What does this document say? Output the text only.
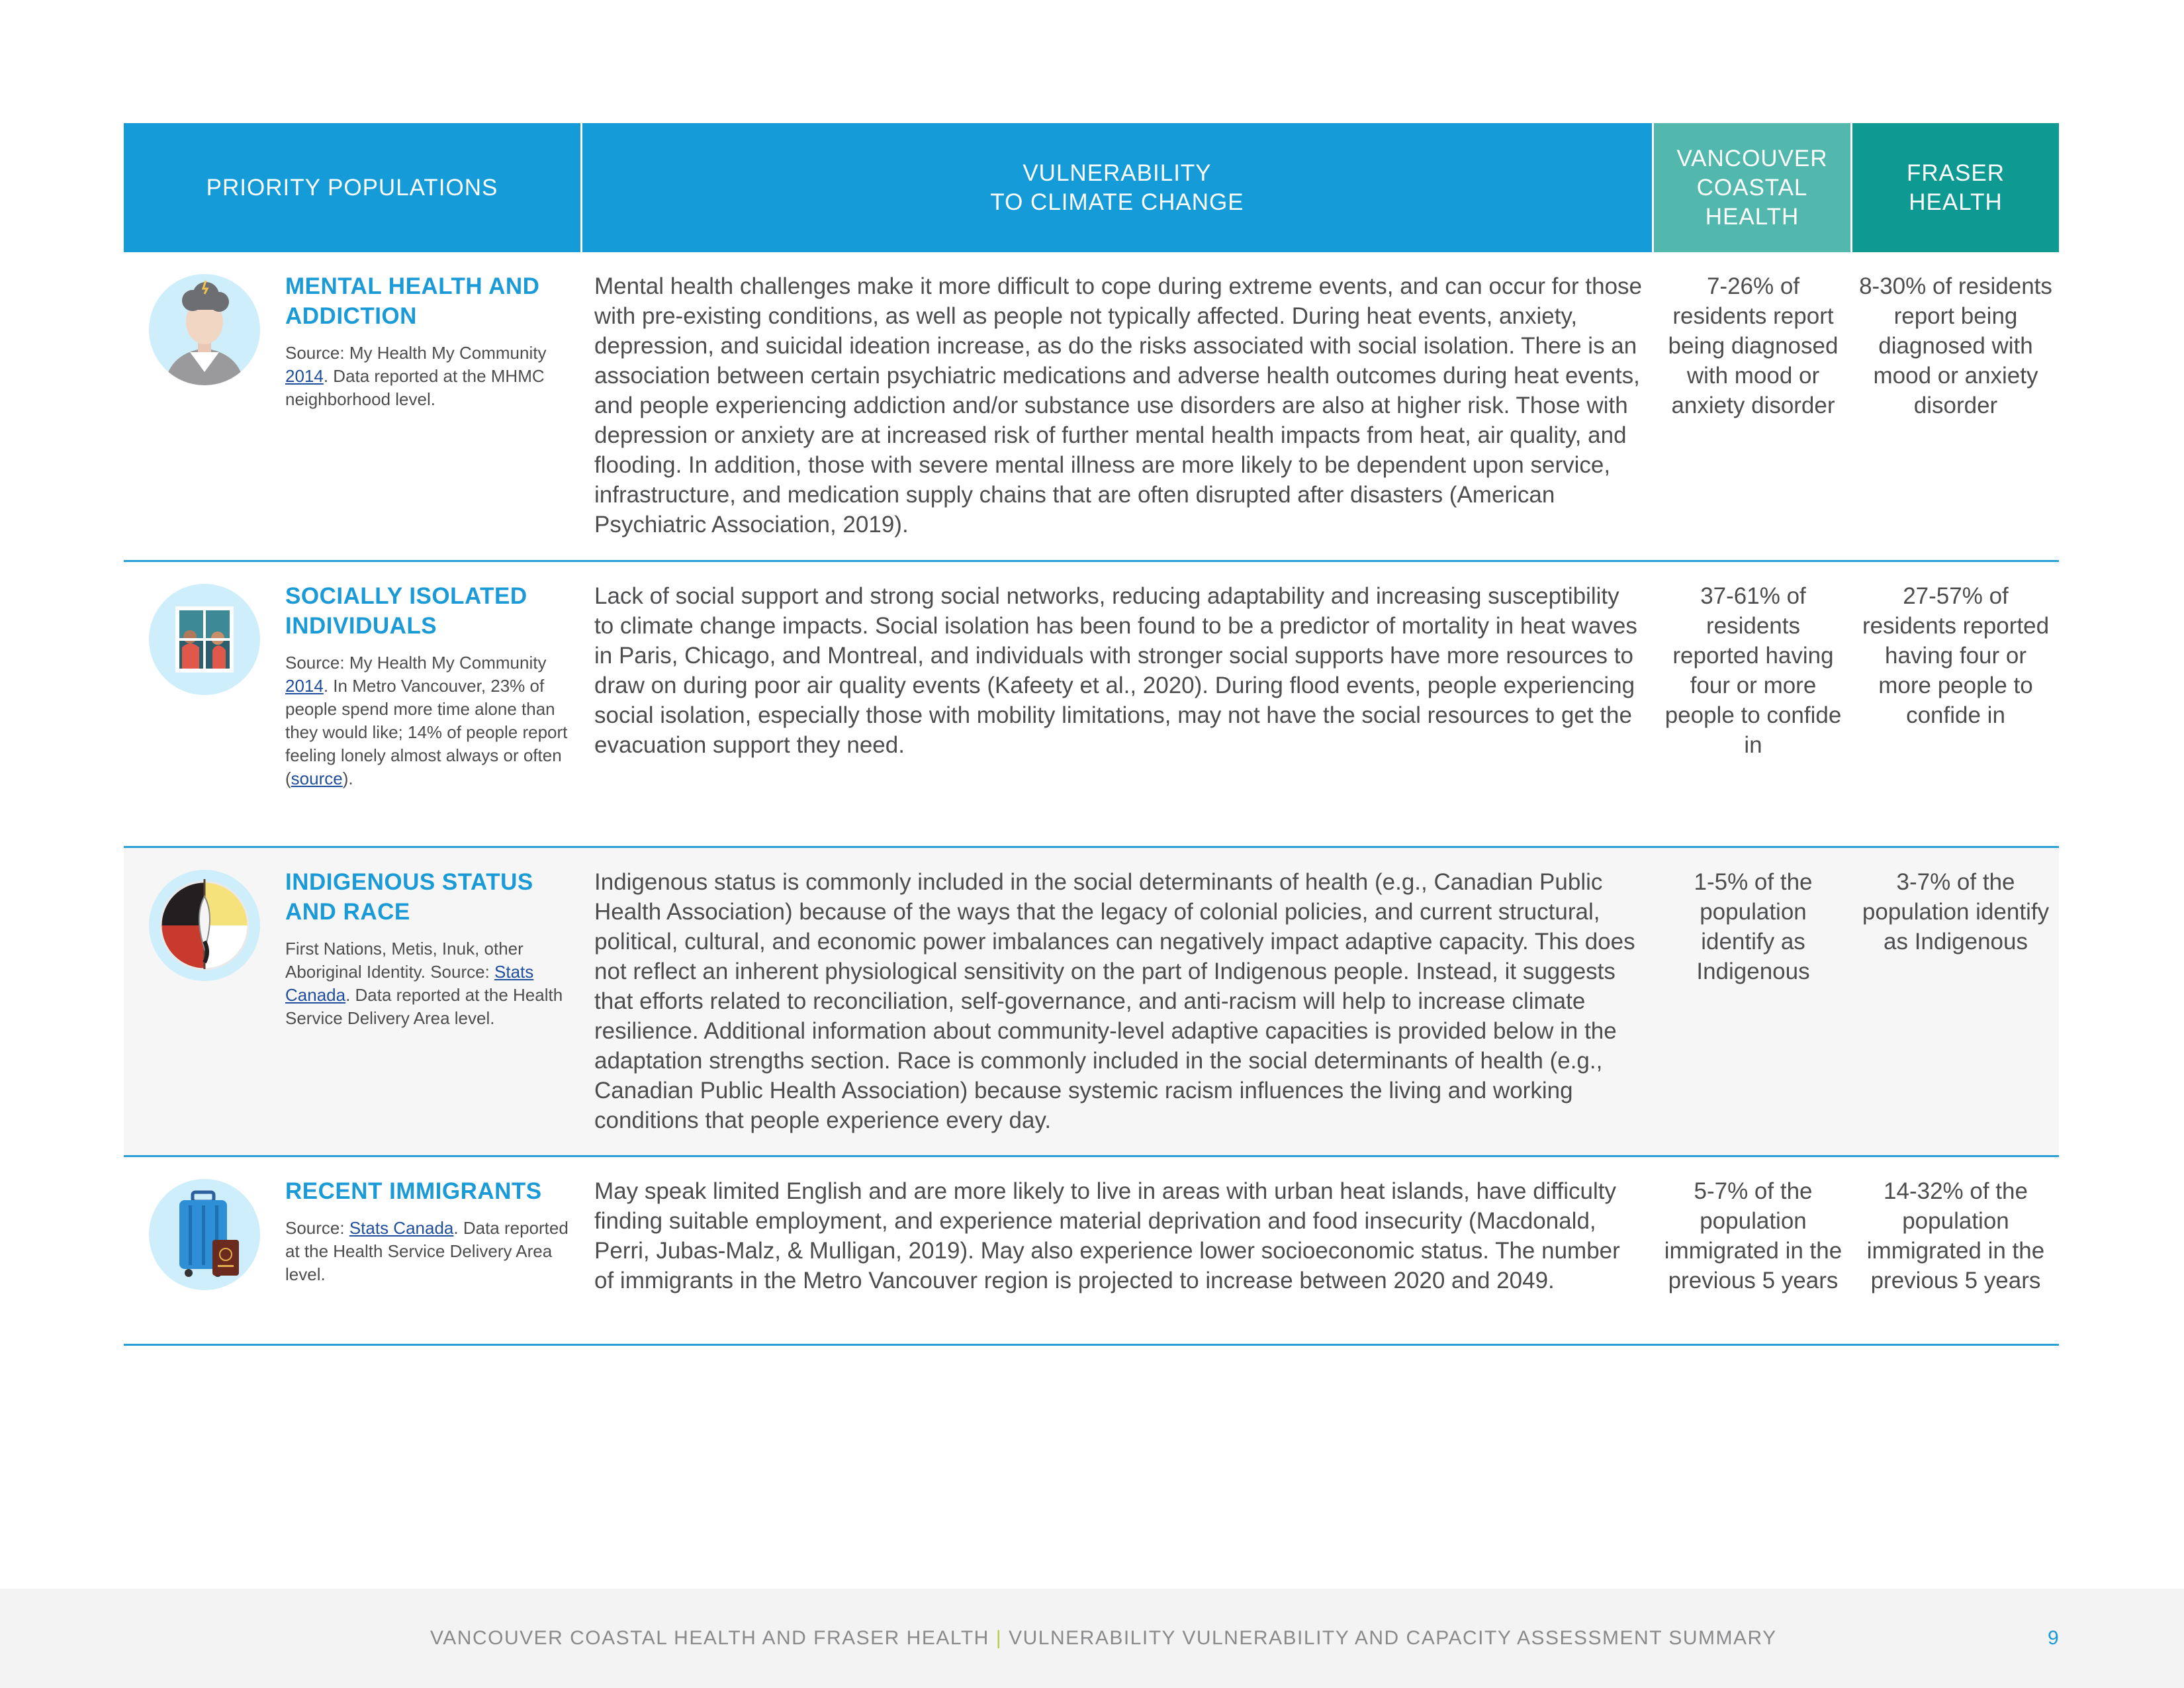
PRIORITY POPULATIONS
VULNERABILITY
TO CLIMATE CHANGE
VANCOUVER
COASTAL
HEALTH
FRASER
HEALTH
MENTAL HEALTH AND
ADDICTION
Source: My Health My Community
2014. Data reported at the MHMC neighborhood level.
Mental health challenges make it more difficult to cope during extreme events, and can occur for those with pre-existing conditions, as well as people not typically affected. During heat events, anxiety, depression, and suicidal ideation increase, as do the risks associated with social isolation. There is an association between certain psychiatric medications and adverse health outcomes during heat events, and people experiencing addiction and/or substance use disorders are also at higher risk. Those with depression or anxiety are at increased risk of further mental health impacts from heat, air quality, and flooding. In addition, those with severe mental illness are more likely to be dependent upon service, infrastructure, and medication supply chains that are often disrupted after disasters (American Psychiatric Association, 2019).
7-26% of residents report being diagnosed with mood or anxiety disorder
8-30% of residents report being diagnosed with mood or anxiety disorder
SOCIALLY ISOLATED
INDIVIDUALS
Source: My Health My Community
2014. In Metro Vancouver, 23% of people spend more time alone than they would like; 14% of people report feeling lonely almost always or often (source).
Lack of social support and strong social networks, reducing adaptability and increasing susceptibility to climate change impacts. Social isolation has been found to be a predictor of mortality in heat waves in Paris, Chicago, and Montreal, and individuals with stronger social supports have more resources to draw on during poor air quality events (Kafeety et al., 2020). During flood events, people experiencing social isolation, especially those with mobility limitations, may not have the social resources to get the evacuation support they need.
37-61% of residents reported having four or more people to confide in
27-57% of residents reported having four or more people to confide in
INDIGENOUS STATUS
AND RACE
First Nations, Metis, Inuk, other Aboriginal Identity. Source: Stats Canada. Data reported at the Health Service Delivery Area level.
Indigenous status is commonly included in the social determinants of health (e.g., Canadian Public Health Association) because of the ways that the legacy of colonial policies, and current structural, political, cultural, and economic power imbalances can negatively impact adaptive capacity. This does not reflect an inherent physiological sensitivity on the part of Indigenous people. Instead, it suggests that efforts related to reconciliation, self-governance, and anti-racism will help to increase climate resilience. Additional information about community-level adaptive capacities is provided below in the adaptation strengths section. Race is commonly included in the social determinants of health (e.g., Canadian Public Health Association) because systemic racism influences the living and working conditions that people experience every day.
1-5% of the population identify as Indigenous
3-7% of the population identify as Indigenous
RECENT IMMIGRANTS
Source: Stats Canada. Data reported at the Health Service Delivery Area level.
May speak limited English and are more likely to live in areas with urban heat islands, have difficulty finding suitable employment, and experience material deprivation and food insecurity (Macdonald, Perri, Jubas-Malz, & Mulligan, 2019). May also experience lower socioeconomic status. The number of immigrants in the Metro Vancouver region is projected to increase between 2020 and 2049.
5-7% of the population immigrated in the previous 5 years
14-32% of the population immigrated in the previous 5 years
VANCOUVER COASTAL HEALTH AND FRASER HEALTH | VULNERABILITY VULNERABILITY AND CAPACITY ASSESSMENT SUMMARY	9
